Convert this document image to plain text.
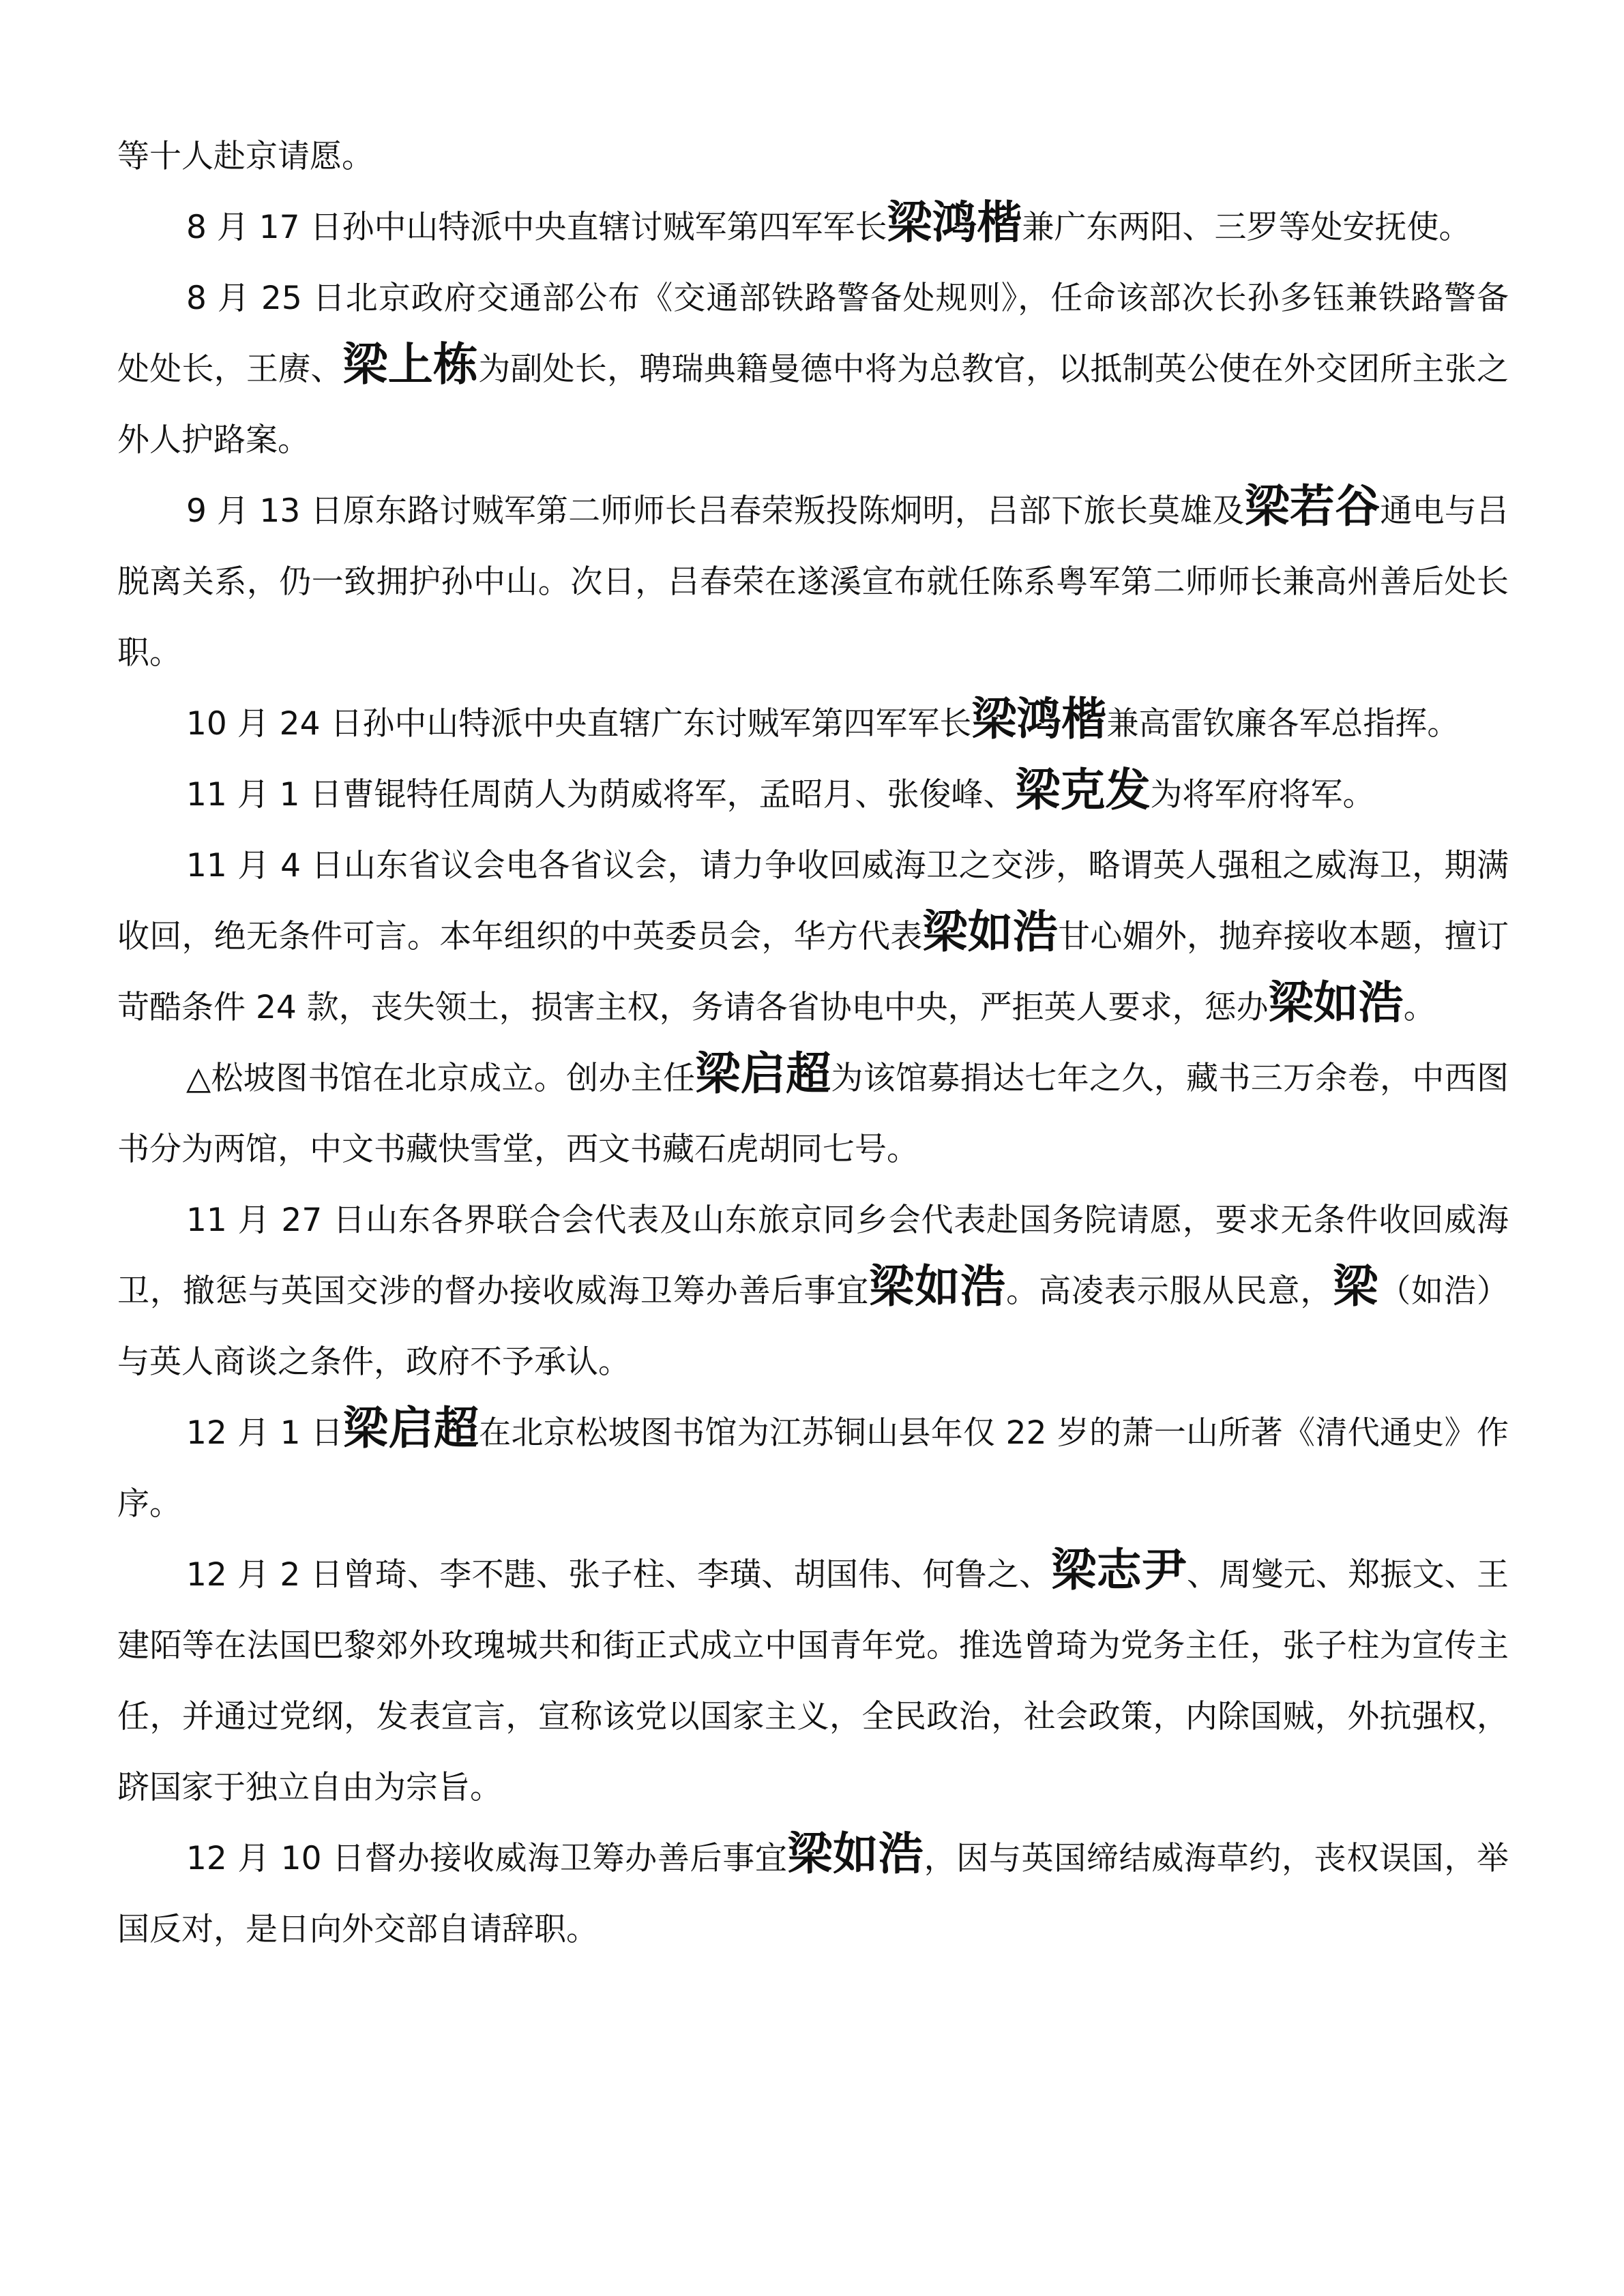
等十人赴京请愿。

8 月 17 日孙中山特派中央直辖讨贼军第四军军长梁鸿楷兼广东两阳、三罗等处安抚使。

8 月 25 日北京政府交通部公布《交通部铁路警备处规则》，任命该部次长孙多钰兼铁路警备处处长，王赓、梁上栋为副处长，聘瑞典籍曼德中将为总教官，以抵制英公使在外交团所主张之外人护路案。

9 月 13 日原东路讨贼军第二师师长吕春荣叛投陈炯明，吕部下旅长莫雄及梁若谷通电与吕脱离关系，仍一致拥护孙中山。次日，吕春荣在遂溪宣布就任陈系粤军第二师师长兼高州善后处长职。

10 月 24 日孙中山特派中央直辖广东讨贼军第四军军长梁鸿楷兼高雷钦廉各军总指挥。

11 月 1 日曹锟特任周荫人为荫威将军，孟昭月、张俊峰、梁克发为将军府将军。

11 月 4 日山东省议会电各省议会，请力争收回威海卫之交涉，略谓英人强租之威海卫，期满收回，绝无条件可言。本年组织的中英委员会，华方代表梁如浩甘心媚外，抛弃接收本题，擅订苛酷条件 24 款，丧失领土，损害主权，务请各省协电中央，严拒英人要求，惩办梁如浩。

△松坡图书馆在北京成立。创办主任梁启超为该馆募捐达七年之久，藏书三万余卷，中西图书分为两馆，中文书藏快雪堂，西文书藏石虎胡同七号。

11 月 27 日山东各界联合会代表及山东旅京同乡会代表赴国务院请愿，要求无条件收回威海卫，撤惩与英国交涉的督办接收威海卫筹办善后事宜梁如浩。高凌表示服从民意，梁（如浩）与英人商谈之条件，政府不予承认。

12 月 1 日梁启超在北京松坡图书馆为江苏铜山县年仅 22 岁的萧一山所著《清代通史》作序。

12 月 2 日曾琦、李不韪、张子柱、李璜、胡国伟、何鲁之、梁志尹、周燮元、郑振文、王建陌等在法国巴黎郊外玫瑰城共和街正式成立中国青年党。推选曾琦为党务主任，张子柱为宣传主任，并通过党纲，发表宣言，宣称该党以国家主义，全民政治，社会政策，内除国贼，外抗强权，跻国家于独立自由为宗旨。

12 月 10 日督办接收威海卫筹办善后事宜梁如浩，因与英国缔结威海草约，丧权误国，举国反对，是日向外交部自请辞职。
